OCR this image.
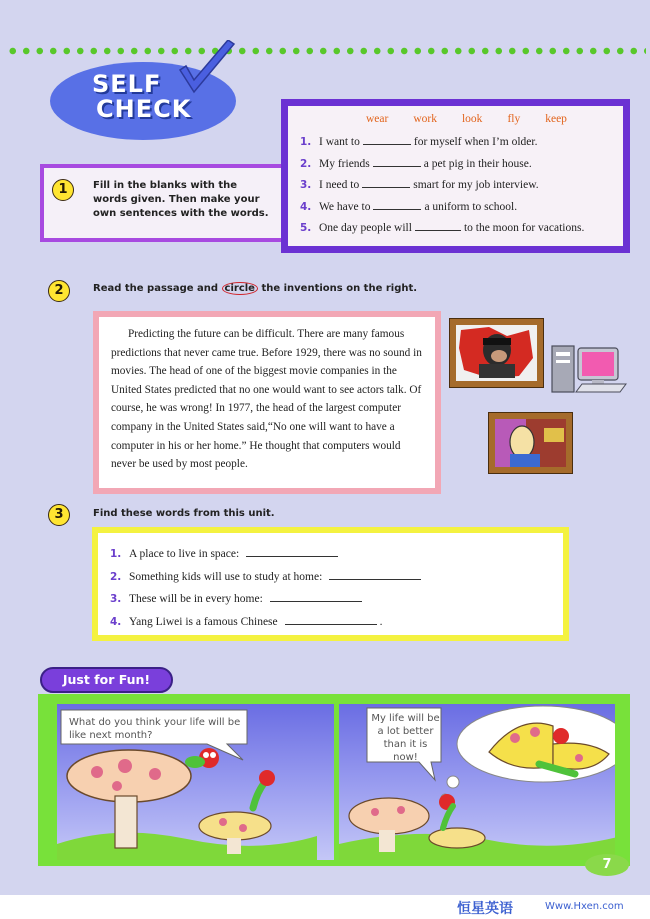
SELF
CHECK
1	Fill in the blanks with the words given. Then make your own sentences with the words.
wear work look fly keep
1. I want to	for myself when I’m older.
2. My friends	a pet pig in their house.
3. I need to	smart for my job interview.
4. We have to	a uniform to school.
5. One day people will	to the moon for vacations.
2	Read the passage and circle the inventions on the right.
Predicting the future can be difficult. There are many famous predictions that never came true. Before 1929, there was no sound in movies. The head of one of the biggest movie companies in the United States predicted that no one would want to see actors talk. Of course, he was wrong! In 1977, the head of the largest computer company in the United States said,“No one will want to have a computer in his or her home.” He thought that computers would never be used by most people.
3	Find these words from this unit.
1. A place to live in space:
2. Something kids will use to study at home:
3. These will be in every home:
4. Yang Liwei is a famous Chinese	.
What do you think your life will be like next month?
My life will be a lot better than it is now!
Just for Fun!
7
恒星英语	Www.Hxen.com
